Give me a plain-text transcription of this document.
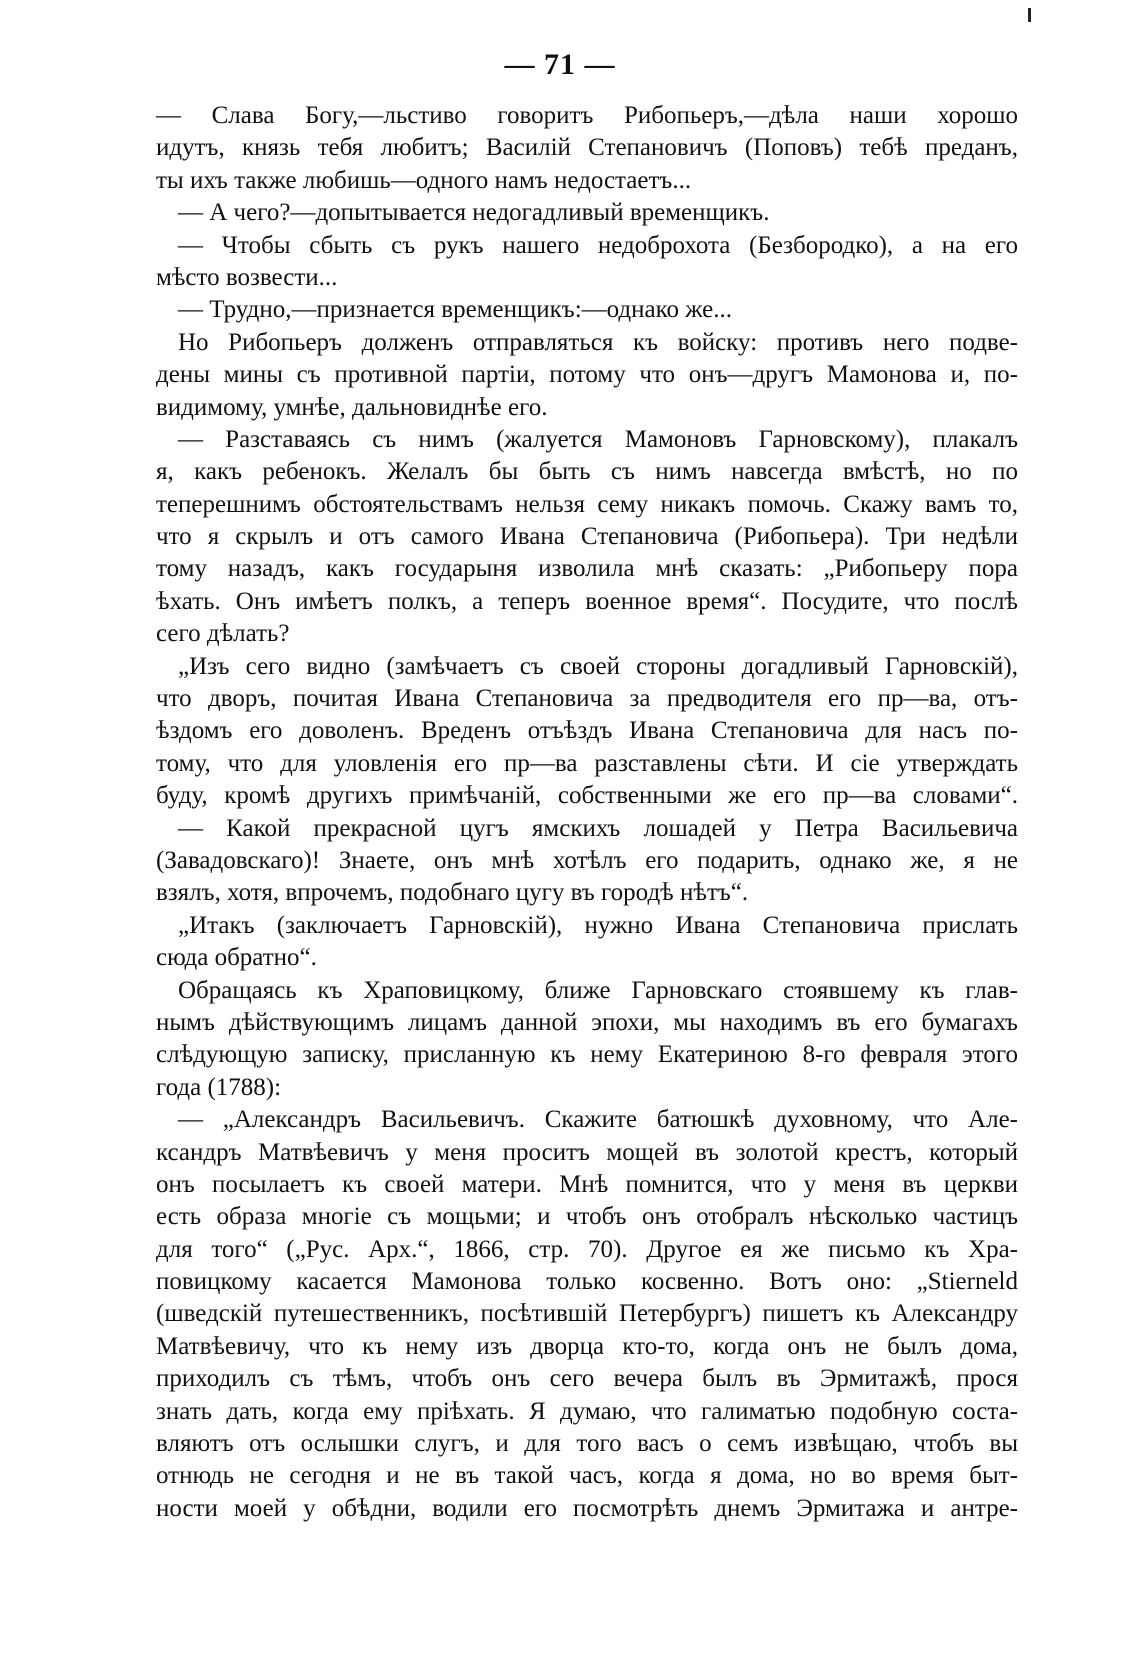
— 71 —
— Слава Богу,—льстиво говоритъ Рибопьеръ,—дѣла наши хорошо
идутъ, князь тебя любитъ; Василій Степановичъ (Поповъ) тебѣ преданъ,
ты ихъ также любишь—одного намъ недостаетъ...
— А чего?—допытывается недогадливый временщикъ.
— Чтобы сбыть съ рукъ нашего недоброхота (Безбородко), а на его
мѣсто возвести...
— Трудно,—признается временщикъ:—однако же...
Но Рибопьеръ долженъ отправляться къ войску: противъ него подве-
дены мины съ противной партіи, потому что онъ—другъ Мамонова и, по-
видимому, умнѣе, дальновиднѣе его.
— Разставаясь съ нимъ (жалуется Мамоновъ Гарновскому), плакалъ
я, какъ ребенокъ. Желалъ бы быть съ нимъ навсегда вмѣстѣ, но по
теперешнимъ обстоятельствамъ нельзя сему никакъ помочь. Скажу вамъ то,
что я скрылъ и отъ самого Ивана Степановича (Рибопьера). Три недѣли
тому назадъ, какъ государыня изволила мнѣ сказать: „Рибопьеру пора
ѣхать. Онъ имѣетъ полкъ, а теперъ военное время“. Посудите, что послѣ
сего дѣлать?
„Изъ сего видно (замѣчаетъ съ своей стороны догадливый Гарновскій),
что дворъ, почитая Ивана Степановича за предводителя его пр—ва, отъ-
ѣздомъ его доволенъ. Вреденъ отъѣздъ Ивана Степановича для насъ по-
тому, что для уловленія его пр—ва разставлены сѣти. И сіе утверждать
буду, кромѣ другихъ примѣчаній, собственными же его пр—ва словами“.
— Какой прекрасной цугъ ямскихъ лошадей у Петра Васильевича
(Завадовскаго)! Знаете, онъ мнѣ хотѣлъ его подарить, однако же, я не
взялъ, хотя, впрочемъ, подобнаго цугу въ городѣ нѣтъ“.
„Итакъ (заключаетъ Гарновскій), нужно Ивана Степановича прислать
сюда обратно“.
Обращаясь къ Храповицкому, ближе Гарновскаго стоявшему къ глав-
нымъ дѣйствующимъ лицамъ данной эпохи, мы находимъ въ его бумагахъ
слѣдующую записку, присланную къ нему Екатериною 8-го февраля этого
года (1788):
— „Александръ Васильевичъ. Скажите батюшкѣ духовному, что Але-
ксандръ Матвѣевичъ у меня проситъ мощей въ золотой крестъ, который
онъ посылаетъ къ своей матери. Мнѣ помнится, что у меня въ церкви
есть образа многіе съ мощьми; и чтобъ онъ отобралъ нѣсколько частицъ
для того“ („Рус. Арх.“, 1866, стр. 70). Другое ея же письмо къ Хра-
повицкому касается Мамонова только косвенно. Вотъ оно: „Stierneld
(шведскій путешественникъ, посѣтившій Петербургъ) пишетъ къ Александру
Матвѣевичу, что къ нему изъ дворца кто-то, когда онъ не былъ дома,
приходилъ съ тѣмъ, чтобъ онъ сего вечера былъ въ Эрмитажѣ, прося
знать дать, когда ему пріѣхать. Я думаю, что галиматью подобную соста-
вляютъ отъ ослышки слугъ, и для того васъ о семъ извѣщаю, чтобъ вы
отнюдь не сегодня и не въ такой часъ, когда я дома, но во время быт-
ности моей у обѣдни, водили его посмотрѣть днемъ Эрмитажа и антре-
